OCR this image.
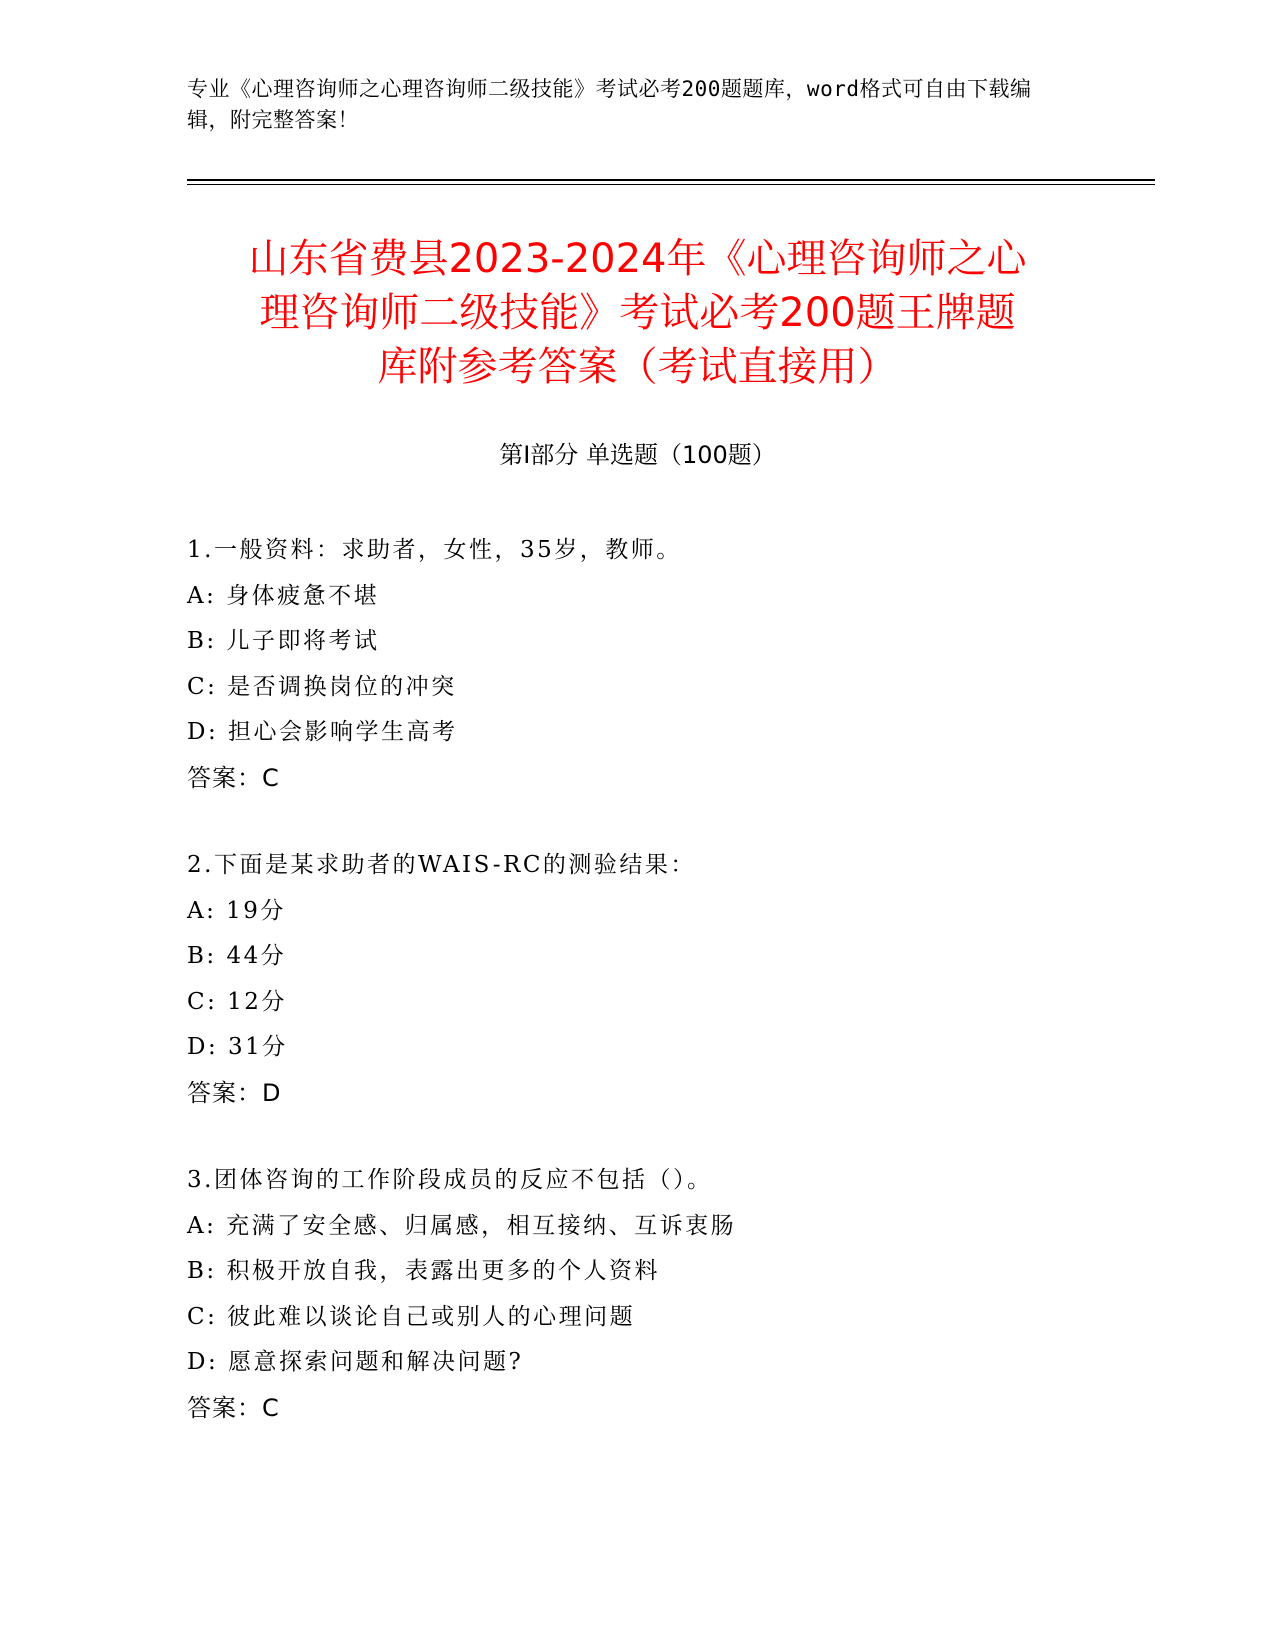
专业《心理咨询师之心理咨询师二级技能》考试必考200题题库，word格式可自由下载编辑，附完整答案！
山东省费县2023-2024年《心理咨询师之心
理咨询师二级技能》考试必考200题王牌题
库附参考答案（考试直接用）
第Ⅰ部分 单选题（100题）
1.一般资料：求助者，女性，35岁，教师。
A: 身体疲惫不堪
B: 儿子即将考试
C: 是否调换岗位的冲突
D: 担心会影响学生高考
答案：C
2.下面是某求助者的WAIS-RC的测验结果：
A: 19分
B: 44分
C: 12分
D: 31分
答案：D
3.团体咨询的工作阶段成员的反应不包括（）。
A: 充满了安全感、归属感，相互接纳、互诉衷肠
B: 积极开放自我，表露出更多的个人资料
C: 彼此难以谈论自己或别人的心理问题
D: 愿意探索问题和解决问题?
答案：C
